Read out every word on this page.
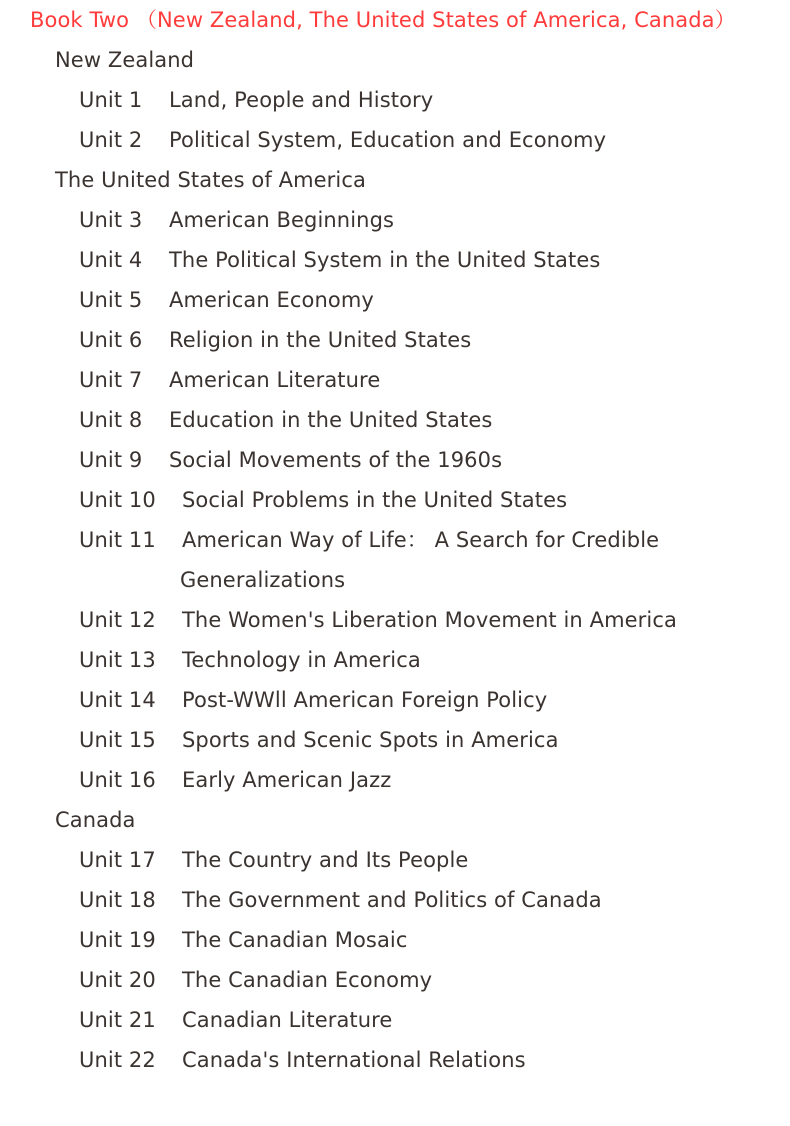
Book Two （New Zealand, The United States of America, Canada）
New Zealand
Unit 1 Land, People and History
Unit 2 Political System, Education and Economy
The United States of America
Unit 3 American Beginnings
Unit 4 The Political System in the United States
Unit 5 American Economy
Unit 6 Religion in the United States
Unit 7 American Literature
Unit 8 Education in the United States
Unit 9 Social Movements of the 1960s
Unit 10 Social Problems in the United States
Unit 11 American Way of Life： A Search for Credible
Generalizations
Unit 12 The Women's Liberation Movement in America
Unit 13 Technology in America
Unit 14 Post-WWll American Foreign Policy
Unit 15 Sports and Scenic Spots in America
Unit 16 Early American Jazz
Canada
Unit 17 The Country and Its People
Unit 18 The Government and Politics of Canada
Unit 19 The Canadian Mosaic
Unit 20 The Canadian Economy
Unit 21 Canadian Literature
Unit 22 Canada's International Relations
